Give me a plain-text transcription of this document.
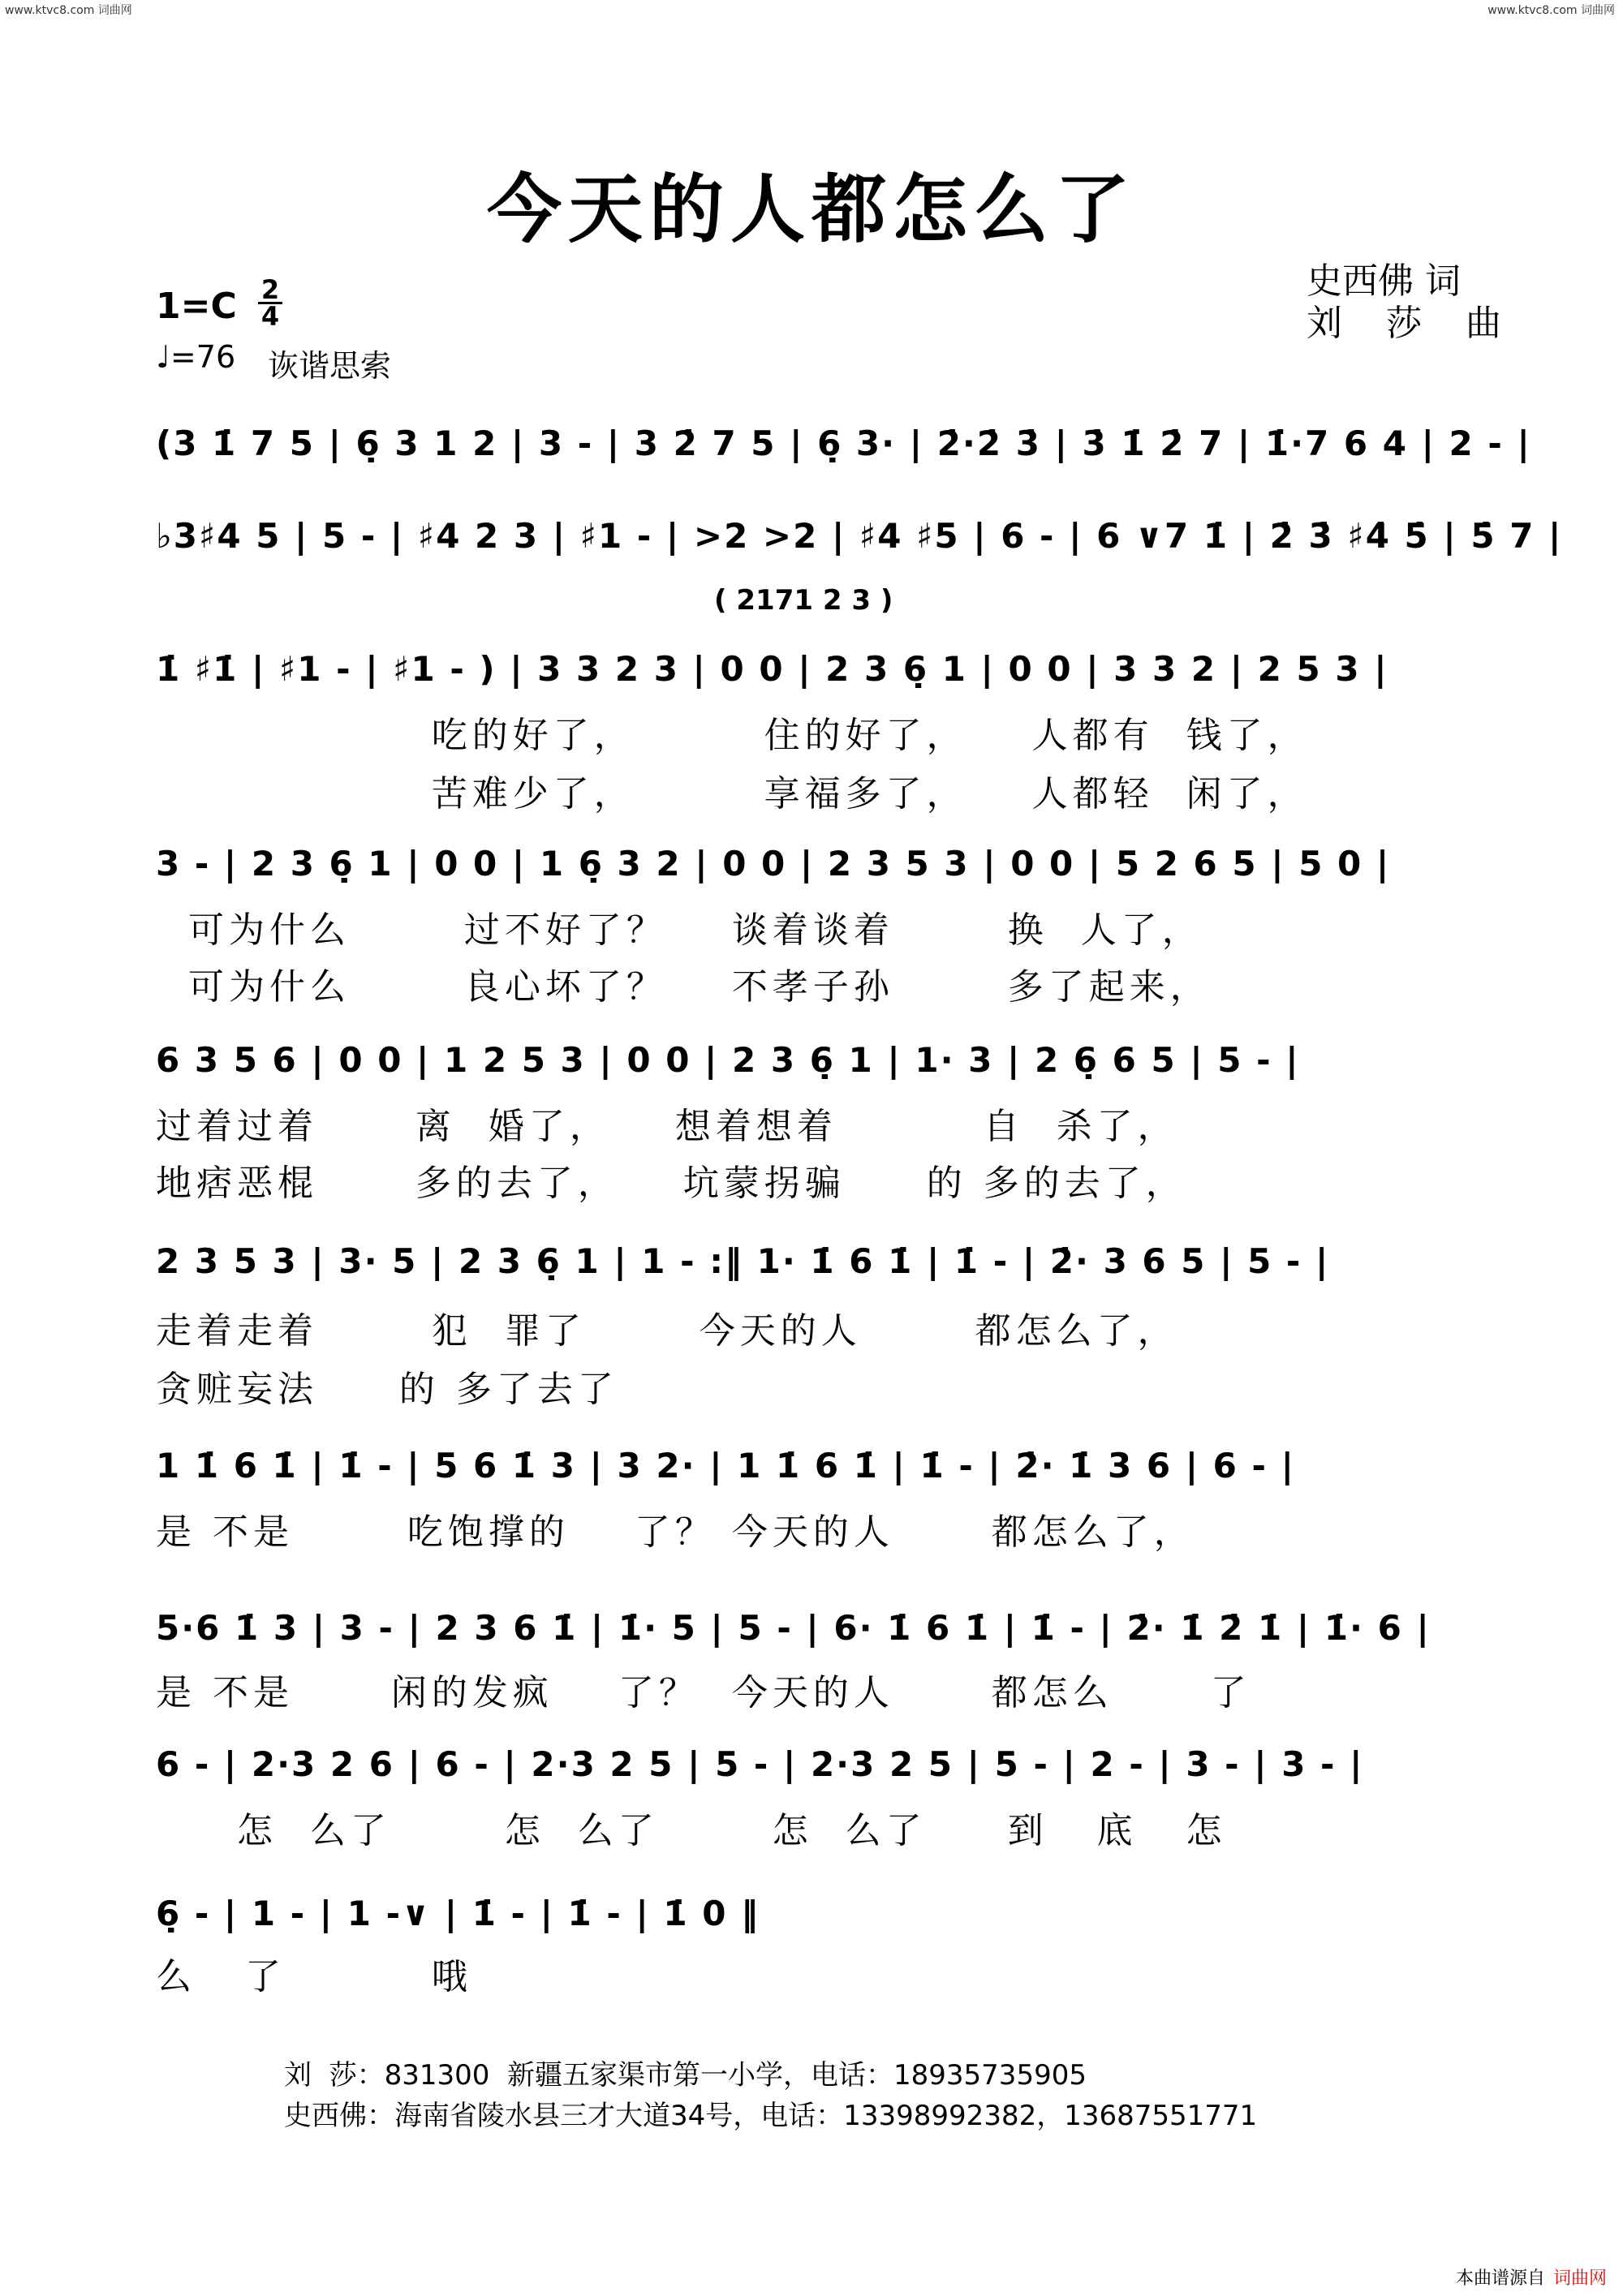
www.ktvc8.com 词曲网	www.ktvc8.com 词曲网
今天的人都怎么了
史西佛 词
刘 莎 曲
1=C 2
4
♩=76 诙谐思索
(3 1̇ 7 5 | 6̣ 3 1 2 | 3 - | 3 2̇ 7 5 | 6̣ 3· | 2̇·2̇ 3̇ | 3̇ 1̇ 2̇ 7 | 1̇·7 6 4 | 2 - |
♭3♯4 5 | 5 - | ♯4 2 3 | ♯1 - | >2 >2 | ♯4 ♯5 | 6 - | 6 ∨7 1̇ | 2̇ 3̇ ♯4̇ 5̇ | 5̇ 7 |
( 2171 2 3 )
1̇ ♯1̇ | ♯1 - | ♯1 - ) | 3 3 2 3 | 0 0 | 2 3 6̣ 1 | 0 0 | 3 3 2 | 2 5 3 |
吃的好了，        住的好了，    人都有  钱了，
苦难少了，        享福多了，    人都轻  闲了，
3 - | 2 3 6̣ 1 | 0 0 | 1 6̣ 3 2 | 0 0 | 2 3 5 3 | 0 0 | 5 2 6 5 | 5 0 |
可为什么       过不好了？    谈着谈着       换  人了，
可为什么       良心坏了？    不孝子孙       多了起来，
6 3 5 6 | 0 0 | 1 2 5 3 | 0 0 | 2 3 6̣ 1 | 1· 3 | 2 6̣ 6 5 | 5 - |
过着过着      离  婚了，    想着想着         自  杀了，
地痞恶棍      多的去了，    坑蒙拐骗     的 多的去了，
2 3 5 3 | 3· 5 | 2 3 6̣ 1 | 1 - :‖ 1· 1̇ 6 1̇ | 1̇ - | 2̇· 3 6 5 | 5 - |
走着走着       犯  罪了       今天的人       都怎么了，
贪赃妄法     的 多了去了
1 1̇ 6 1̇ | 1̇ - | 5 6 1̇ 3 | 3 2· | 1 1̇ 6 1̇ | 1̇ - | 2̇· 1̇ 3 6 | 6 - |
是 不是       吃饱撑的    了？ 今天的人      都怎么了，
5·6 1̇ 3 | 3 - | 2 3 6 1̇ | 1̇· 5 | 5 - | 6· 1̇ 6 1̇ | 1̇ - | 2̇· 1̇ 2̇ 1̇ | 1̇· 6 |
是 不是      闲的发疯    了？  今天的人      都怎么      了
6 - | 2·3 2 6 | 6 - | 2·3 2 5 | 5 - | 2·3 2 5 | 5 - | 2 - | 3 - | 3 - |
怎  么了       怎  么了       怎  么了     到   底   怎
6̣ - | 1 - | 1 -∨ | 1̇ - | 1̇ - | 1̇ 0 ‖
么   了         哦
刘  莎：831300  新疆五家渠市第一小学，电话：18935735905
史西佛：海南省陵水县三才大道34号，电话：13398992382，13687551771
本曲谱源自 词曲网
